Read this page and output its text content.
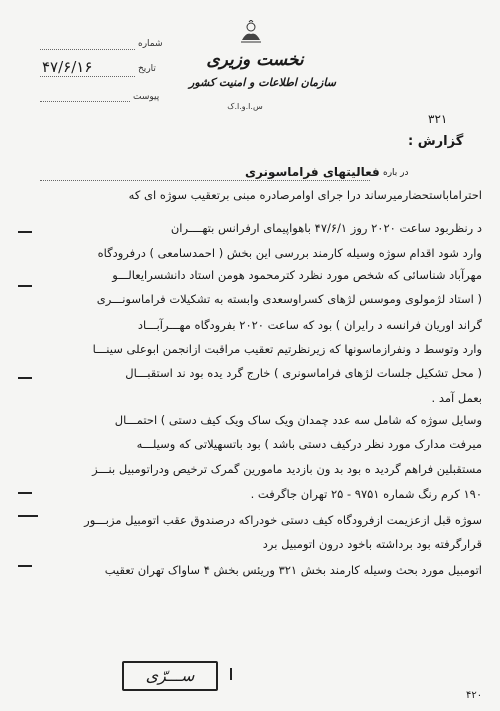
نخست وزیری
سازمان اطلاعات و امنیت کشور
س.ا.و.ا.ک
شماره
تاریخ
۴۷/۶/۱۶
پیوست
۳۲۱
گزارش :
در باره
فعالیتهای فراماسونری
احتراماباستحضارمیرساند درا جرای اوامرصادره مبنی برتعقیب سوژه ای که
د رنظربود ساعت ۲۰۲۰ روز ۴۷/۶/۱ باهواپیمای ارفرانس بتهــــران
وارد شود اقدام سوژه وسیله کارمند بررسی این بخش ( احمدسامعی ) درفرودگاه
مهرآباد شناسائی که شخص مورد نظرد کترمحمود هومن استاد دانشسرایعالـــو
( استاد لژمولوی وموسس لژهای کسراوسعدی وابسته به تشکیلات فراماسونـــری
گراند اوریان فرانسه د رایران ) بود که ساعت ۲۰۲۰ بفرودگاه مهـــرآبـــاد
وارد وتوسط د ونفرازماسونها که زیرنظرتیم تعقیب مراقبت ازانجمن ابوعلی سینـــا
( محل تشکیل جلسات لژهای فراماسونری ) خارج گرد یده بود ند استقبـــال
بعمل آمد .
وسایل سوژه که شامل سه عدد چمدان ویک ساک ویک کیف دستی ) احتمـــال
میرفت مدارک مورد نظر درکیف دستی باشد ) بود باتسهیلاتی که وسیلـــه
مستقبلین فراهم گردید ه بود بد ون بازدید مامورین گمرک ترخیص ودراتومبیل بنـــز
۱۹۰ کرم رنگ شماره ۹۷۵۱ - ۲۵ تهران جاگرفت .
سوژه قبل ازعزیمت ازفرودگاه کیف دستی خودراکه درصندوق عقب اتومبیل مزبـــور
قرارگرفته بود برداشته باخود درون اتومبیل برد
اتومبیل مورد بحث وسیله کارمند بخش ۳۲۱ وریئس بخش ۴ ساواک تهران تعقیب
ســـرّی
۴۲۰
